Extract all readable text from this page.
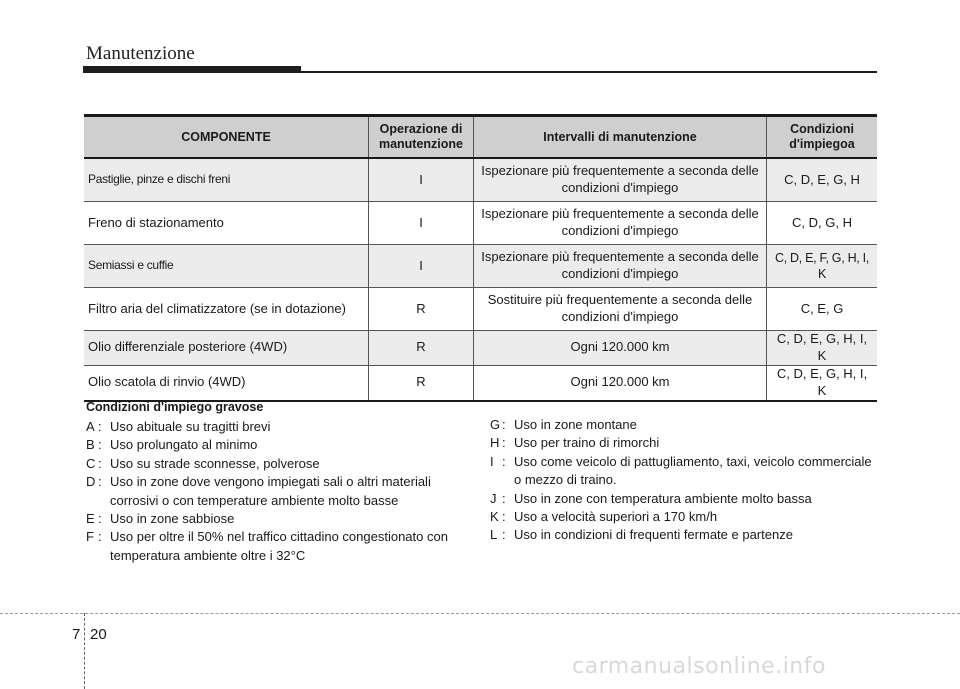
Manutenzione
COMPONENTE	Operazione di manutenzione	Intervalli di manutenzione	Condizioni d'impiegoa
Pastiglie, pinze e dischi freni	I	Ispezionare più frequentemente a seconda delle condizioni d'impiego	C, D, E, G, H
Freno di stazionamento	I	Ispezionare più frequentemente a seconda delle condizioni d'impiego	C, D, G, H
Semiassi e cuffie	I	Ispezionare più frequentemente a seconda delle condizioni d'impiego	C, D, E, F, G, H, I, K
Filtro aria del climatizzatore (se in dotazione)	R	Sostituire più frequentemente a seconda delle condizioni d'impiego	C, E, G
Olio differenziale posteriore (4WD)	R	Ogni 120.000 km	C, D, E, G, H, I, K
Olio scatola di rinvio (4WD)	R	Ogni 120.000 km	C, D, E, G, H, I, K
Condizioni d'impiego gravose
A : Uso abituale su tragitti brevi
B : Uso prolungato al minimo
C : Uso su strade sconnesse, polverose
D : Uso in zone dove vengono impiegati sali o altri materiali corrosivi o con temperature ambiente molto basse
E : Uso in zone sabbiose
F : Uso per oltre il 50% nel traffico cittadino congestionato con temperatura ambiente oltre i 32°C
G : Uso in zone montane
H : Uso per traino di rimorchi
I : Uso come veicolo di pattugliamento, taxi, veicolo commerciale o mezzo di traino.
J : Uso in zone con temperatura ambiente molto bassa
K : Uso a velocità superiori a 170 km/h
L : Uso in condizioni di frequenti fermate e partenze
7 20
carmanualsonline.info
